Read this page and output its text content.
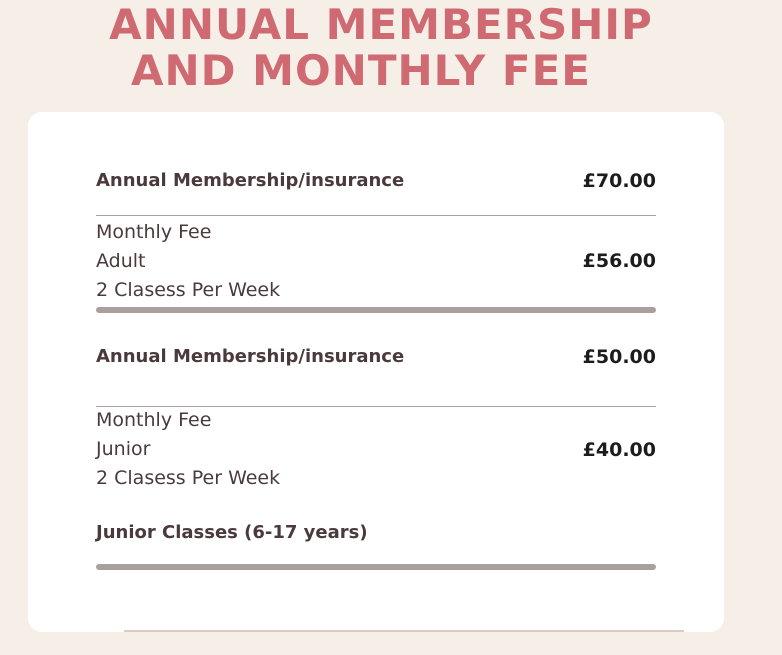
ANNUAL MEMBERSHIP
AND MONTHLY FEE
Annual Membership/insurance	£70.00
Monthly Fee
Adult
2 Clasess Per Week
£56.00
Annual Membership/insurance	£50.00
Monthly Fee
Junior
2 Clasess Per Week
£40.00
Junior Classes (6-17 years)
